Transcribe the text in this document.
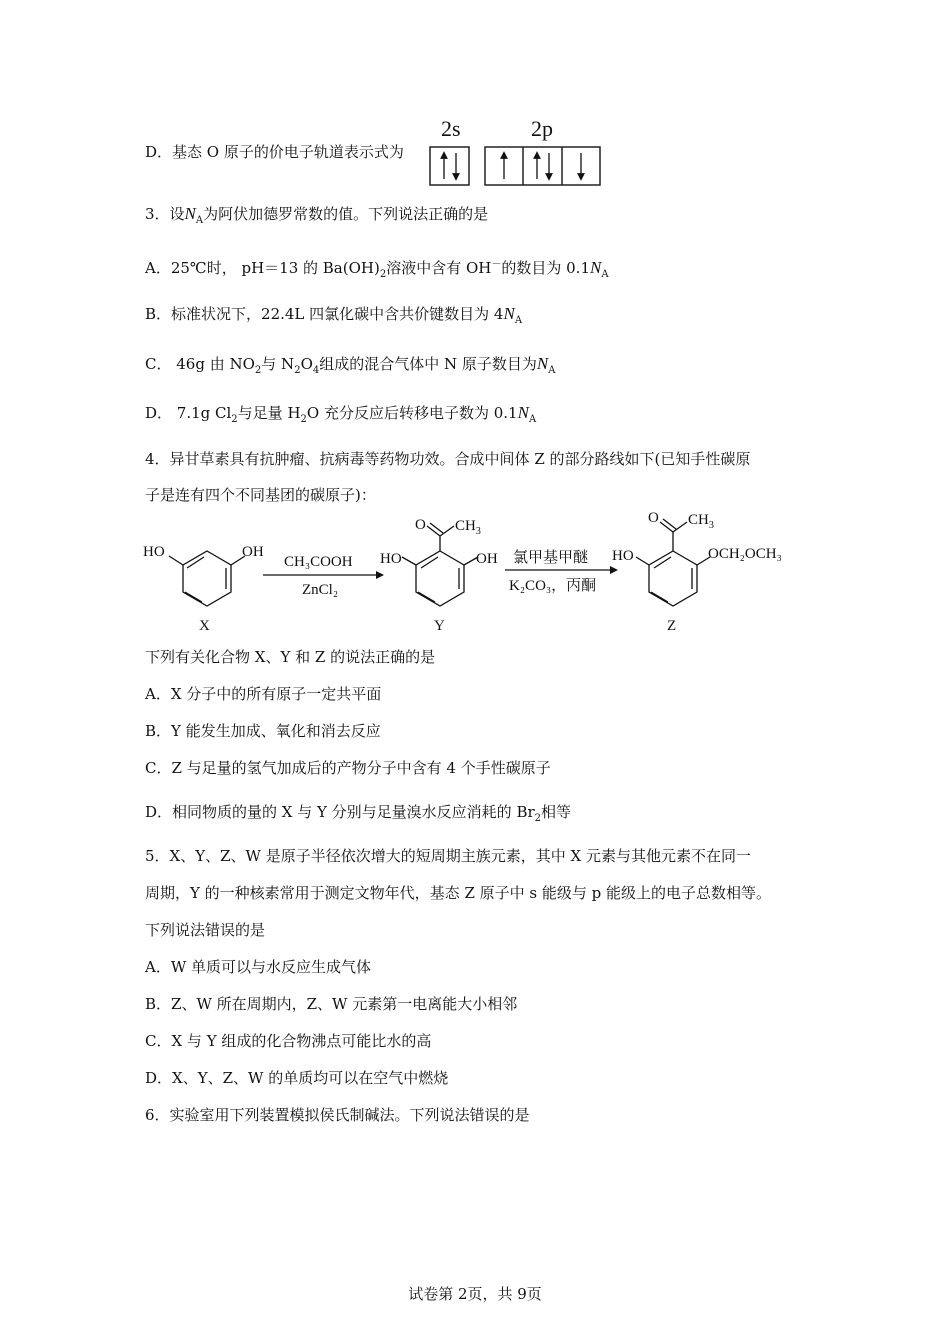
D．基态 O 原子的价电子轨道表示式为
2s	2p
3．设$N_A$为阿伏加德罗常数的值。下列说法正确的是
A．25℃时， pH＝13 的 $Ba(OH)_2$溶液中含有 OH－的数目为 $0.1N_A$
B．标准状况下，22.4L 四氯化碳中含共价键数目为 $4N_A$
C． 46g 由 $NO_2$与 $N_2O_4$组成的混合气体中 N 原子数目为$N_A$
D． 7.1g $Cl_2$与足量 $H_2O$ 充分反应后转移电子数为 $0.1N_A$
4．异甘草素具有抗肿瘤、抗病毒等药物功效。合成中间体 Z 的部分路线如下(已知手性碳原
子是连有四个不同基团的碳原子)：
HO	OH
X
CH₃COOH
ZnCl₂
O $CH_3$
HO	OH
Y
氯甲基甲醚
K₂CO₃，丙酮
O $CH_3$
HO	OCH₂OCH₃
Z
下列有关化合物 X、Y 和 Z 的说法正确的是
A．X 分子中的所有原子一定共平面
B．Y 能发生加成、氧化和消去反应
C．Z 与足量的氢气加成后的产物分子中含有 4 个手性碳原子
D．相同物质的量的 X 与 Y 分别与足量溴水反应消耗的 $Br_2$相等
5．X、Y、Z、W 是原子半径依次增大的短周期主族元素，其中 X 元素与其他元素不在同一
周期，Y 的一种核素常用于测定文物年代，基态 Z 原子中 s 能级与 p 能级上的电子总数相等。
下列说法错误的是
A．W 单质可以与水反应生成气体
B．Z、W 所在周期内，Z、W 元素第一电离能大小相邻
C．X 与 Y 组成的化合物沸点可能比水的高
D．X、Y、Z、W 的单质均可以在空气中燃烧
6．实验室用下列装置模拟侯氏制碱法。下列说法错误的是
试卷第 2页，共 9页
